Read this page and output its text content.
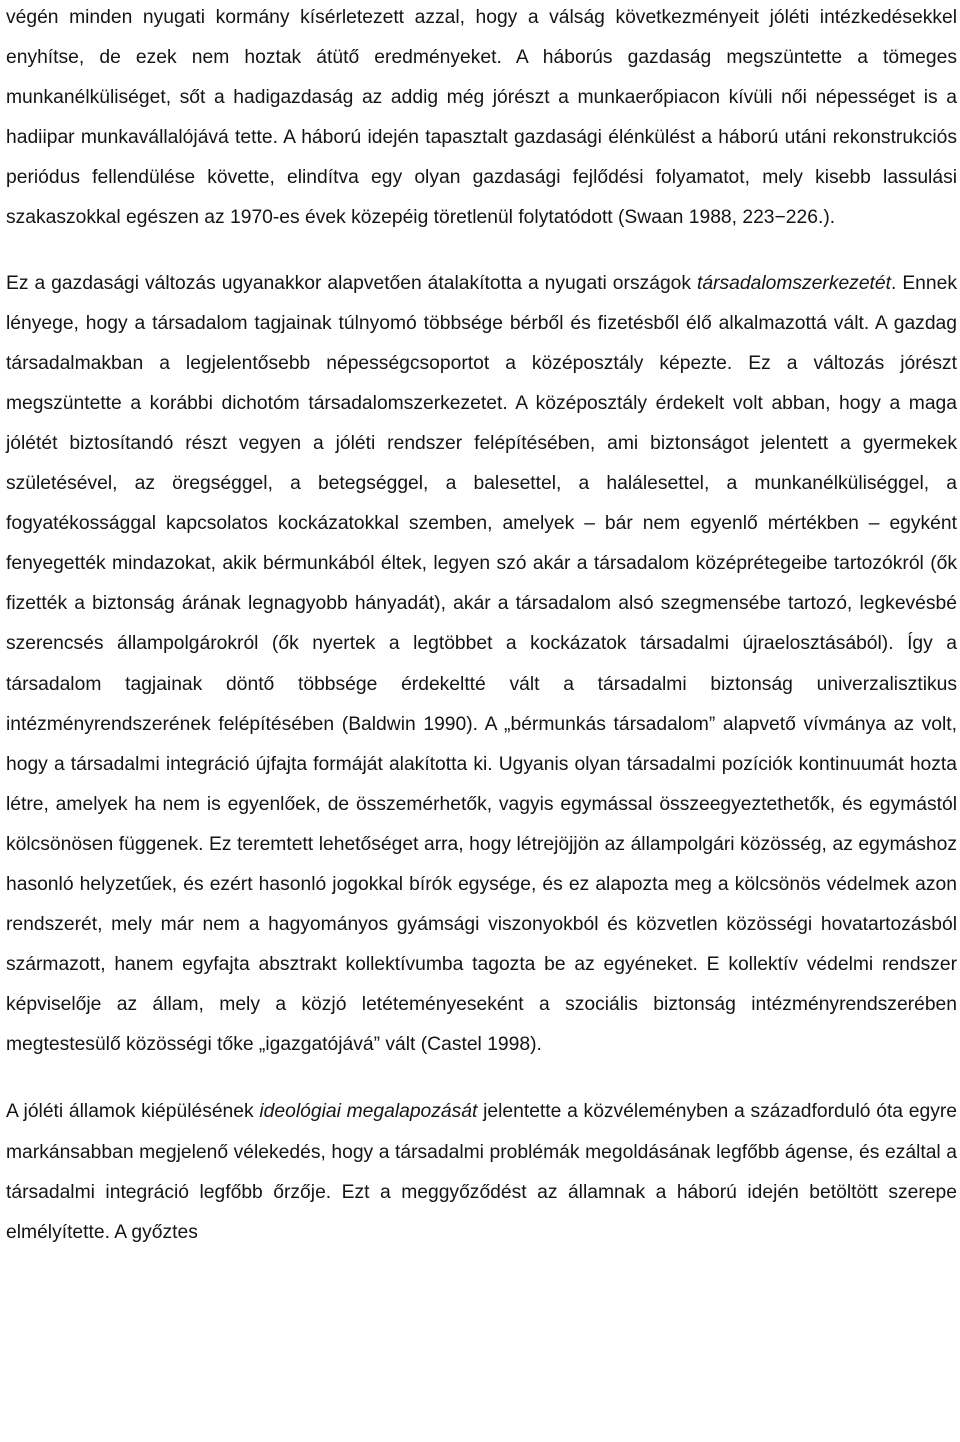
végén minden nyugati kormány kísérletezett azzal, hogy a válság következményeit jóléti intézkedésekkel enyhítse, de ezek nem hoztak átütő eredményeket. A háborús gazdaság megszüntette a tömeges munkanélküliséget, sőt a hadigazdaság az addig még jórészt a munkaerőpiacon kívüli női népességet is a hadiipar munkavállalójává tette. A háború idején tapasztalt gazdasági élénkülést a háború utáni rekonstrukciós periódus fellendülése követte, elindítva egy olyan gazdasági fejlődési folyamatot, mely kisebb lassulási szakaszokkal egészen az 1970-es évek közepéig töretlenül folytatódott (Swaan 1988, 223−226.).

Ez a gazdasági változás ugyanakkor alapvetően átalakította a nyugati országok társadalomszerkezetét. Ennek lényege, hogy a társadalom tagjainak túlnyomó többsége bérből és fizetésből élő alkalmazottá vált. A gazdag társadalmakban a legjelentősebb népességcsoportot a középosztály képezte. Ez a változás jórészt megszüntette a korábbi dichotóm társadalomszerkezetet. A középosztály érdekelt volt abban, hogy a maga jólétét biztosítandó részt vegyen a jóléti rendszer felépítésében, ami biztonságot jelentett a gyermekek születésével, az öregséggel, a betegséggel, a balesettel, a halálesettel, a munkanélküliséggel, a fogyatékossággal kapcsolatos kockázatokkal szemben, amelyek – bár nem egyenlő mértékben – egyként fenyegették mindazokat, akik bérmunkából éltek, legyen szó akár a társadalom középrétegeibe tartozókról (ők fizették a biztonság árának legnagyobb hányadát), akár a társadalom alsó szegmensébe tartozó, legkevésbé szerencsés állampolgárokról (ők nyertek a legtöbbet a kockázatok társadalmi újraelosztásából). Így a társadalom tagjainak döntő többsége érdekeltté vált a társadalmi biztonság univerzalisztikus intézményrendszerének felépítésében (Baldwin 1990). A „bérmunkás társadalom” alapvető vívmánya az volt, hogy a társadalmi integráció újfajta formáját alakította ki. Ugyanis olyan társadalmi pozíciók kontinuumát hozta létre, amelyek ha nem is egyenlőek, de összemérhetők, vagyis egymással összeegyeztethetők, és egymástól kölcsönösen függenek. Ez teremtett lehetőséget arra, hogy létrejöjjön az állampolgári közösség, az egymáshoz hasonló helyzetűek, és ezért hasonló jogokkal bírók egysége, és ez alapozta meg a kölcsönös védelmek azon rendszerét, mely már nem a hagyományos gyámsági viszonyokból és közvetlen közösségi hovatartozásból származott, hanem egyfajta absztrakt kollektívumba tagozta be az egyéneket. E kollektív védelmi rendszer képviselője az állam, mely a közjó letéteményeseként a szociális biztonság intézményrendszerében megtestesülő közösségi tőke „igazgatójává” vált (Castel 1998).

A jóléti államok kiépülésének ideológiai megalapozását jelentette a közvéleményben a századforduló óta egyre markánsabban megjelenő vélekedés, hogy a társadalmi problémák megoldásának legfőbb ágense, és ezáltal a társadalmi integráció legfőbb őrzője. Ezt a meggyőződést az államnak a háború idején betöltött szerepe elmélyítette. A győztes
